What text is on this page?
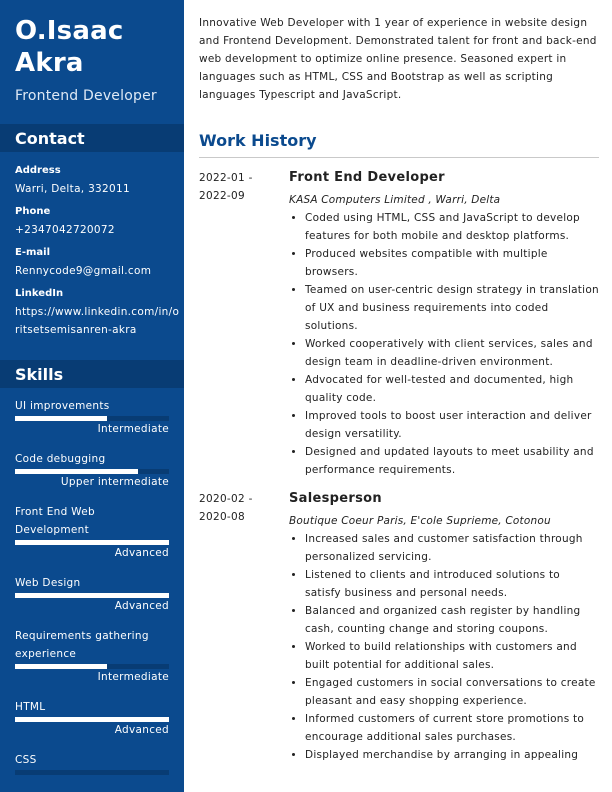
O.Isaac Akra
Frontend Developer
Contact
Address
Warri, Delta, 332011
Phone
+2347042720072
E-mail
Rennycode9@gmail.com
LinkedIn
https://www.linkedin.com/in/oritsetsemisanren-akra
Skills
UI improvements
Intermediate
Code debugging
Upper intermediate
Front End Web Development
Advanced
Web Design
Advanced
Requirements gathering experience
Intermediate
HTML
Advanced
CSS
Innovative Web Developer with 1 year of experience in website design and Frontend Development. Demonstrated talent for front and back-end web development to optimize online presence. Seasoned expert in languages such as HTML, CSS and Bootstrap as well as scripting languages Typescript and JavaScript.
Work History
2022-01 -
2022-09
Front End Developer
KASA Computers Limited , Warri, Delta
• Coded using HTML, CSS and JavaScript to develop features for both mobile and desktop platforms.
• Produced websites compatible with multiple browsers.
• Teamed on user-centric design strategy in translation of UX and business requirements into coded solutions.
• Worked cooperatively with client services, sales and design team in deadline-driven environment.
• Advocated for well-tested and documented, high quality code.
• Improved tools to boost user interaction and deliver design versatility.
• Designed and updated layouts to meet usability and performance requirements.
2020-02 -
2020-08
Salesperson
Boutique Coeur Paris, E'cole Supriemе, Cotonou
• Increased sales and customer satisfaction through personalized servicing.
• Listened to clients and introduced solutions to satisfy business and personal needs.
• Balanced and organized cash register by handling cash, counting change and storing coupons.
• Worked to build relationships with customers and built potential for additional sales.
• Engaged customers in social conversations to create pleasant and easy shopping experience.
• Informed customers of current store promotions to encourage additional sales purchases.
• Displayed merchandise by arranging in appealing
